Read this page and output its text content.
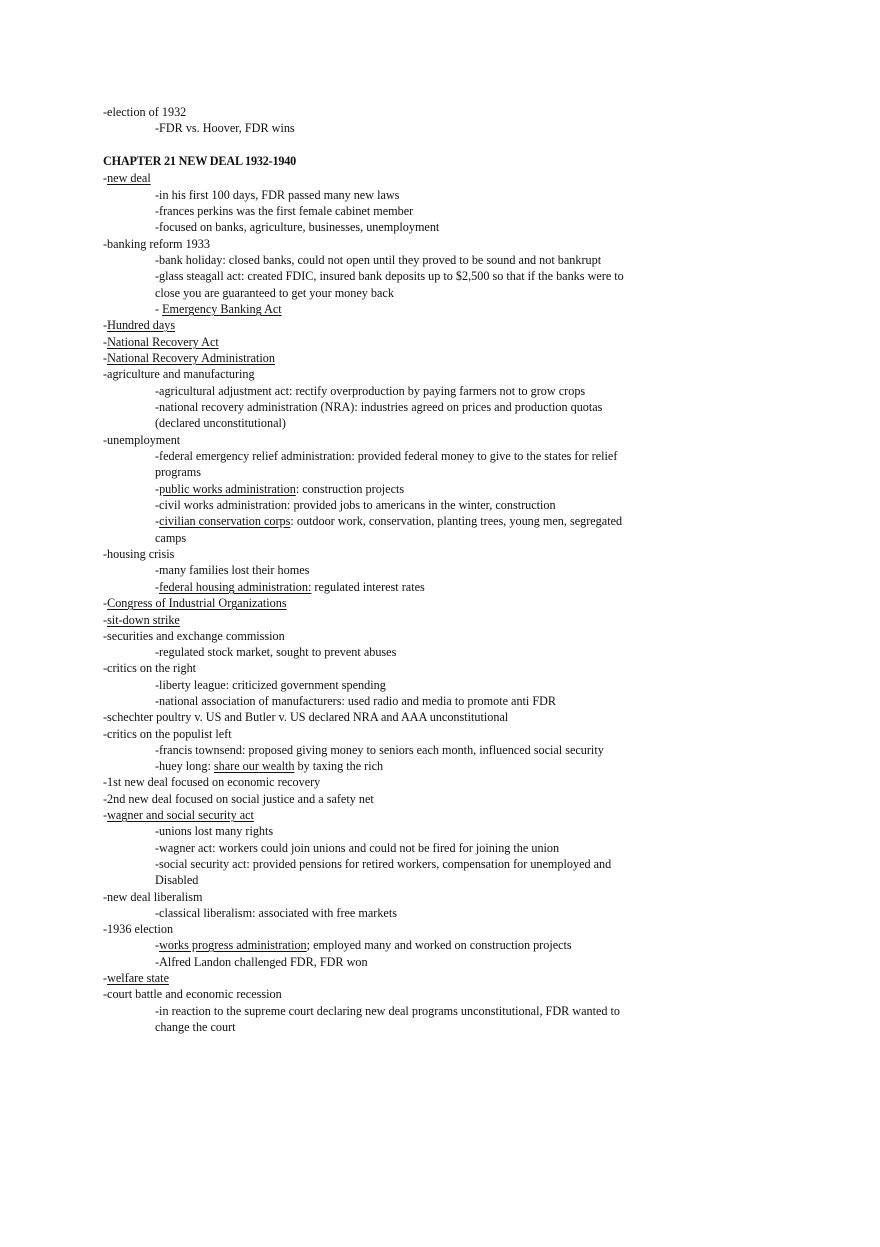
-election of 1932
-FDR vs. Hoover, FDR wins
CHAPTER 21 NEW DEAL 1932-1940
-new deal
-in his first 100 days, FDR passed many new laws
-frances perkins was the first female cabinet member
-focused on banks, agriculture, businesses, unemployment
-banking reform 1933
-bank holiday: closed banks, could not open until they proved to be sound and not bankrupt
-glass steagall act: created FDIC, insured bank deposits up to $2,500 so that if the banks were to
close you are guaranteed to get your money back
- Emergency Banking Act
-Hundred days
-National Recovery Act
-National Recovery Administration
-agriculture and manufacturing
-agricultural adjustment act: rectify overproduction by paying farmers not to grow crops
-national recovery administration (NRA): industries agreed on prices and production quotas
(declared unconstitutional)
-unemployment
-federal emergency relief administration: provided federal money to give to the states for relief
programs
-public works administration: construction projects
-civil works administration: provided jobs to americans in the winter, construction
-civilian conservation corps: outdoor work, conservation, planting trees, young men, segregated
camps
-housing crisis
-many families lost their homes
-federal housing administration: regulated interest rates
-Congress of Industrial Organizations
-sit-down strike
-securities and exchange commission
-regulated stock market, sought to prevent abuses
-critics on the right
-liberty league: criticized government spending
-national association of manufacturers: used radio and media to promote anti FDR
-schechter poultry v. US and Butler v. US declared NRA and AAA unconstitutional
-critics on the populist left
-francis townsend: proposed giving money to seniors each month, influenced social security
-huey long: share our wealth by taxing the rich
-1st new deal focused on economic recovery
-2nd new deal focused on social justice and a safety net
-wagner and social security act
-unions lost many rights
-wagner act: workers could join unions and could not be fired for joining the union
-social security act: provided pensions for retired workers, compensation for unemployed and
Disabled
-new deal liberalism
-classical liberalism: associated with free markets
-1936 election
-works progress administration; employed many and worked on construction projects
-Alfred Landon challenged FDR, FDR won
-welfare state
-court battle and economic recession
-in reaction to the supreme court declaring new deal programs unconstitutional, FDR wanted to
change the court
